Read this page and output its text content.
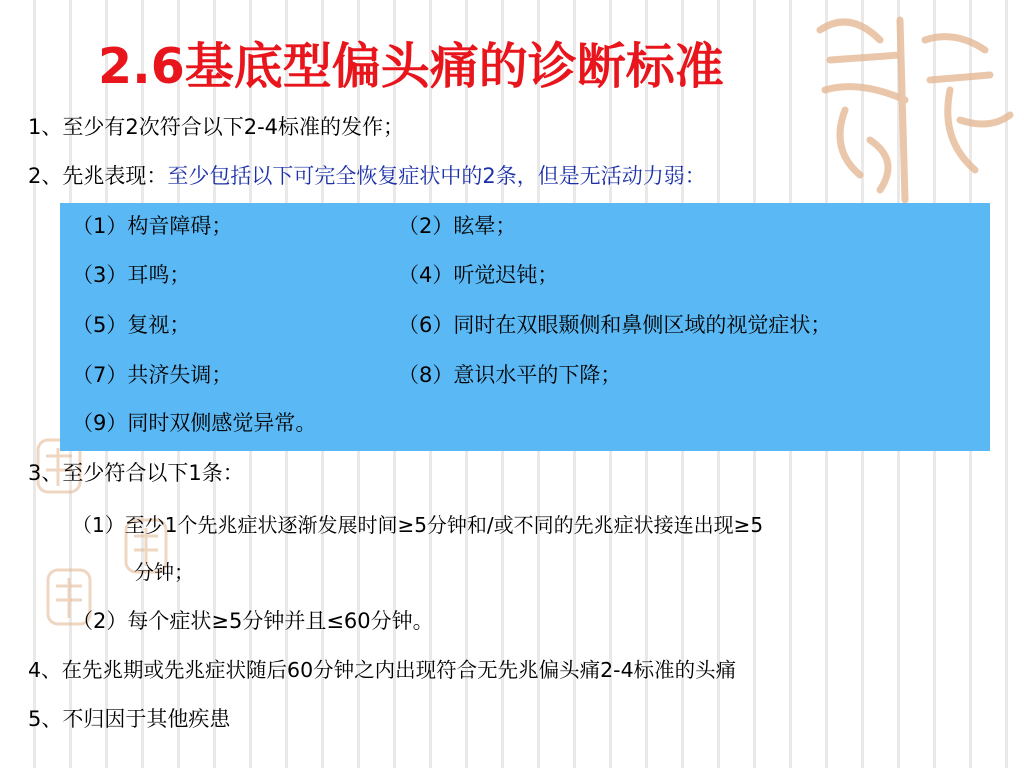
2.6基底型偏头痛的诊断标准
1、至少有2次符合以下2-4标准的发作；
2、先兆表现：至少包括以下可完全恢复症状中的2条，但是无活动力弱：
（1）构音障碍；	（2）眩晕；
（3）耳鸣；	（4）听觉迟钝；
（5）复视；	（6）同时在双眼颞侧和鼻侧区域的视觉症状；
（7）共济失调；	（8）意识水平的下降；
（9）同时双侧感觉异常。
3、至少符合以下1条：
（1）至少1个先兆症状逐渐发展时间≥5分钟和/或不同的先兆症状接连出现≥5
分钟；
（2）每个症状≥5分钟并且≤60分钟。
4、在先兆期或先兆症状随后60分钟之内出现符合无先兆偏头痛2-4标准的头痛
5、不归因于其他疾患
